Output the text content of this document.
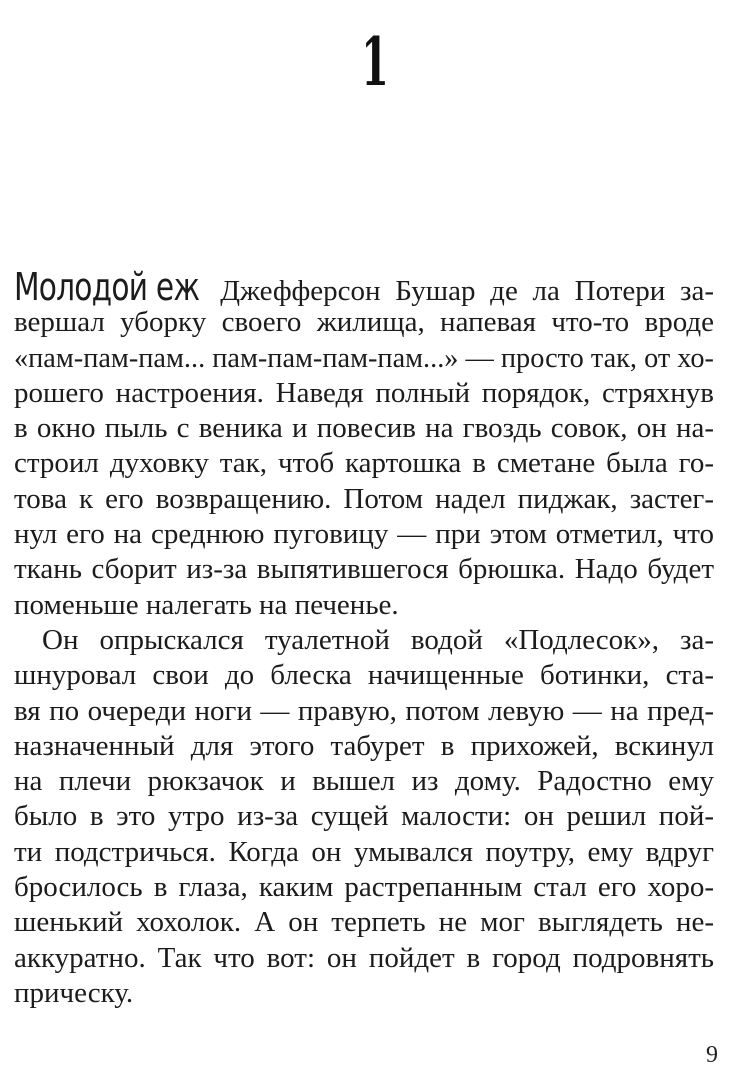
1
Молодой еж Джефферсон Бушар де ла Потери за-
вершал уборку своего жилища, напевая что-то вроде
«пам-пам-пам... пам-пам-пам-пам...» — просто так, от хо-
рошего настроения. Наведя полный порядок, стряхнув
в окно пыль с веника и повесив на гвоздь совок, он на-
строил духовку так, чтоб картошка в сметане была го-
това к его возвращению. Потом надел пиджак, застег-
нул его на среднюю пуговицу — при этом отметил, что
ткань сборит из-за выпятившегося брюшка. Надо будет
поменьше налегать на печенье.
Он опрыскался туалетной водой «Подлесок», за-
шнуровал свои до блеска начищенные ботинки, ста-
вя по очереди ноги — правую, потом левую — на пред-
назначенный для этого табурет в прихожей, вскинул
на плечи рюкзачок и вышел из дому. Радостно ему
было в это утро из-за сущей малости: он решил пой-
ти подстричься. Когда он умывался поутру, ему вдруг
бросилось в глаза, каким растрепанным стал его хоро-
шенький хохолок. А он терпеть не мог выглядеть не-
аккуратно. Так что вот: он пойдет в город подровнять
прическу.
9
